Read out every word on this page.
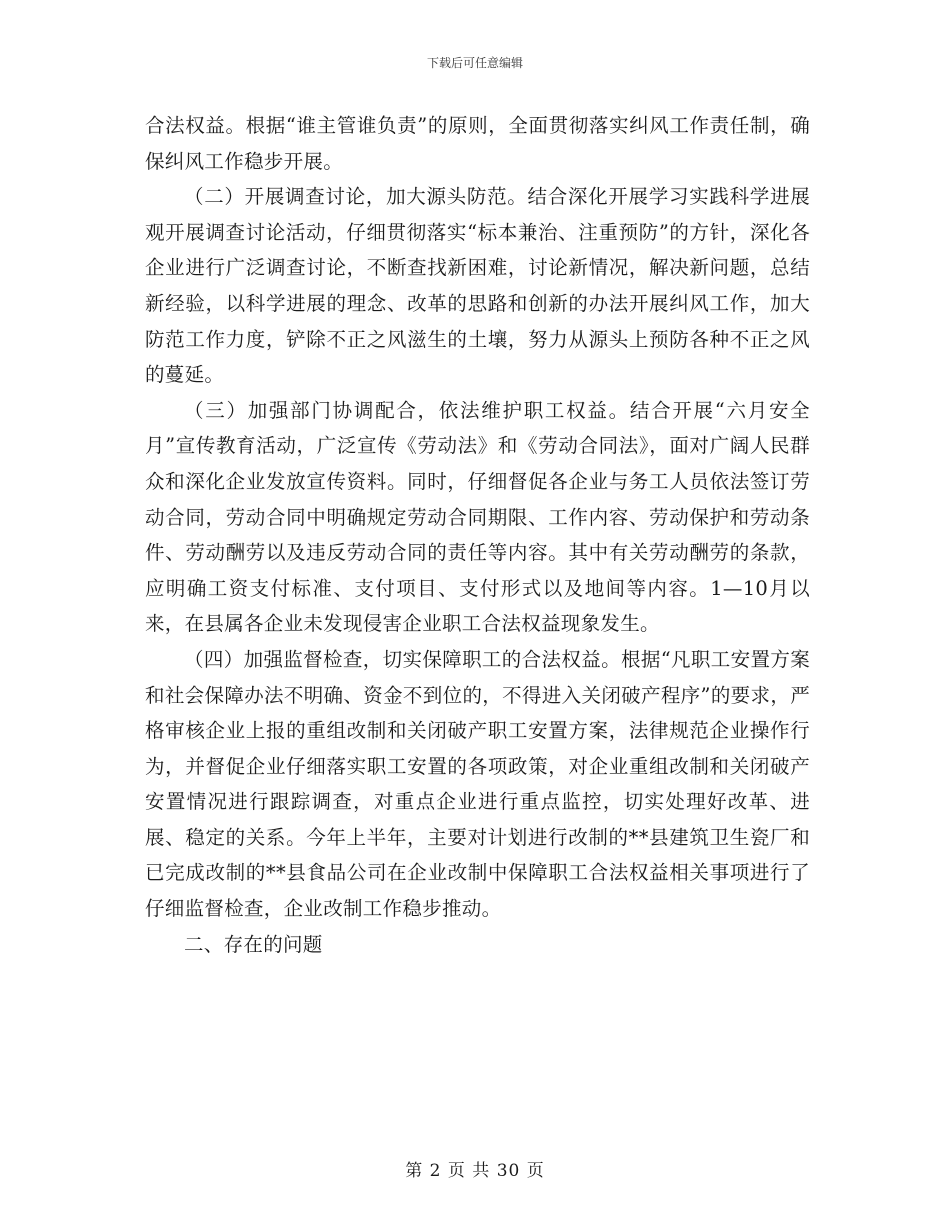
下载后可任意编辑

合法权益。根据“谁主管谁负责”的原则，全面贯彻落实纠风工作责任制，确保纠风工作稳步开展。

（二）开展调查讨论，加大源头防范。结合深化开展学习实践科学进展观开展调查讨论活动，仔细贯彻落实“标本兼治、注重预防”的方针，深化各企业进行广泛调查讨论，不断查找新困难，讨论新情况，解决新问题，总结新经验，以科学进展的理念、改革的思路和创新的办法开展纠风工作，加大防范工作力度，铲除不正之风滋生的土壤，努力从源头上预防各种不正之风的蔓延。

（三）加强部门协调配合，依法维护职工权益。结合开展“六月安全月”宣传教育活动，广泛宣传《劳动法》和《劳动合同法》，面对广阔人民群众和深化企业发放宣传资料。同时，仔细督促各企业与务工人员依法签订劳动合同，劳动合同中明确规定劳动合同期限、工作内容、劳动保护和劳动条件、劳动酬劳以及违反劳动合同的责任等内容。其中有关劳动酬劳的条款，应明确工资支付标准、支付项目、支付形式以及地间等内容。1—10月以来，在县属各企业未发现侵害企业职工合法权益现象发生。

（四）加强监督检查，切实保障职工的合法权益。根据“凡职工安置方案和社会保障办法不明确、资金不到位的，不得进入关闭破产程序”的要求，严格审核企业上报的重组改制和关闭破产职工安置方案，法律规范企业操作行为，并督促企业仔细落实职工安置的各项政策，对企业重组改制和关闭破产安置情况进行跟踪调查，对重点企业进行重点监控，切实处理好改革、进展、稳定的关系。今年上半年，主要对计划进行改制的**县建筑卫生瓷厂和已完成改制的**县食品公司在企业改制中保障职工合法权益相关事项进行了仔细监督检查，企业改制工作稳步推动。

二、存在的问题

第 2 页 共 30 页
